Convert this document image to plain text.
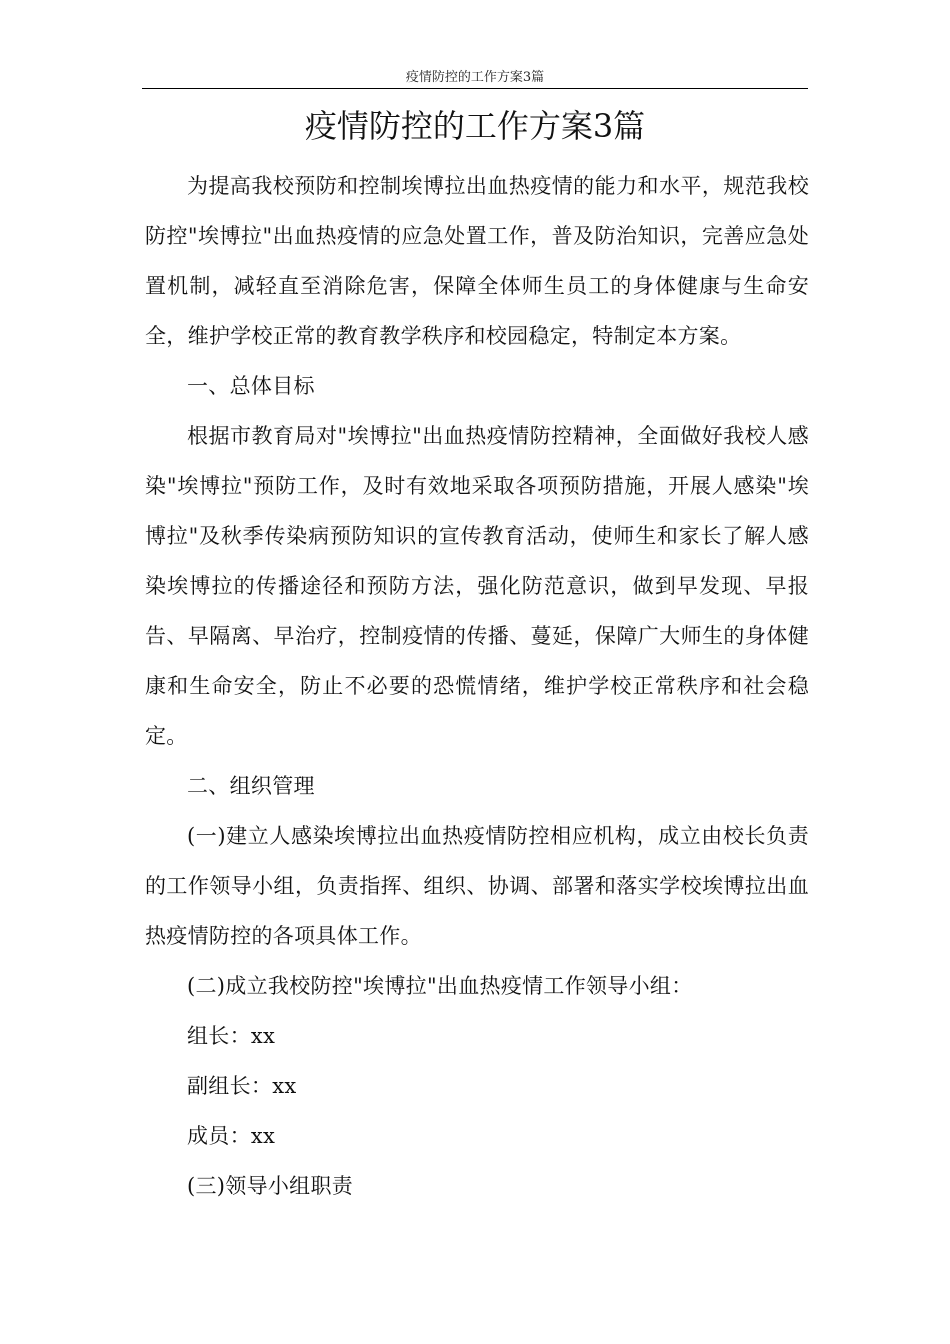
疫情防控的工作方案3篇
疫情防控的工作方案3篇

为提高我校预防和控制埃博拉出血热疫情的能力和水平，规范我校防控"埃博拉"出血热疫情的应急处置工作，普及防治知识，完善应急处置机制，减轻直至消除危害，保障全体师生员工的身体健康与生命安全，维护学校正常的教育教学秩序和校园稳定，特制定本方案。

一、总体目标

根据市教育局对"埃博拉"出血热疫情防控精神，全面做好我校人感染"埃博拉"预防工作，及时有效地采取各项预防措施，开展人感染"埃博拉"及秋季传染病预防知识的宣传教育活动，使师生和家长了解人感染埃博拉的传播途径和预防方法，强化防范意识，做到早发现、早报告、早隔离、早治疗，控制疫情的传播、蔓延，保障广大师生的身体健康和生命安全，防止不必要的恐慌情绪，维护学校正常秩序和社会稳定。

二、组织管理

(一)建立人感染埃博拉出血热疫情防控相应机构，成立由校长负责的工作领导小组，负责指挥、组织、协调、部署和落实学校埃博拉出血热疫情防控的各项具体工作。

(二)成立我校防控"埃博拉"出血热疫情工作领导小组：

组长：xx

副组长：xx

成员：xx

(三)领导小组职责
